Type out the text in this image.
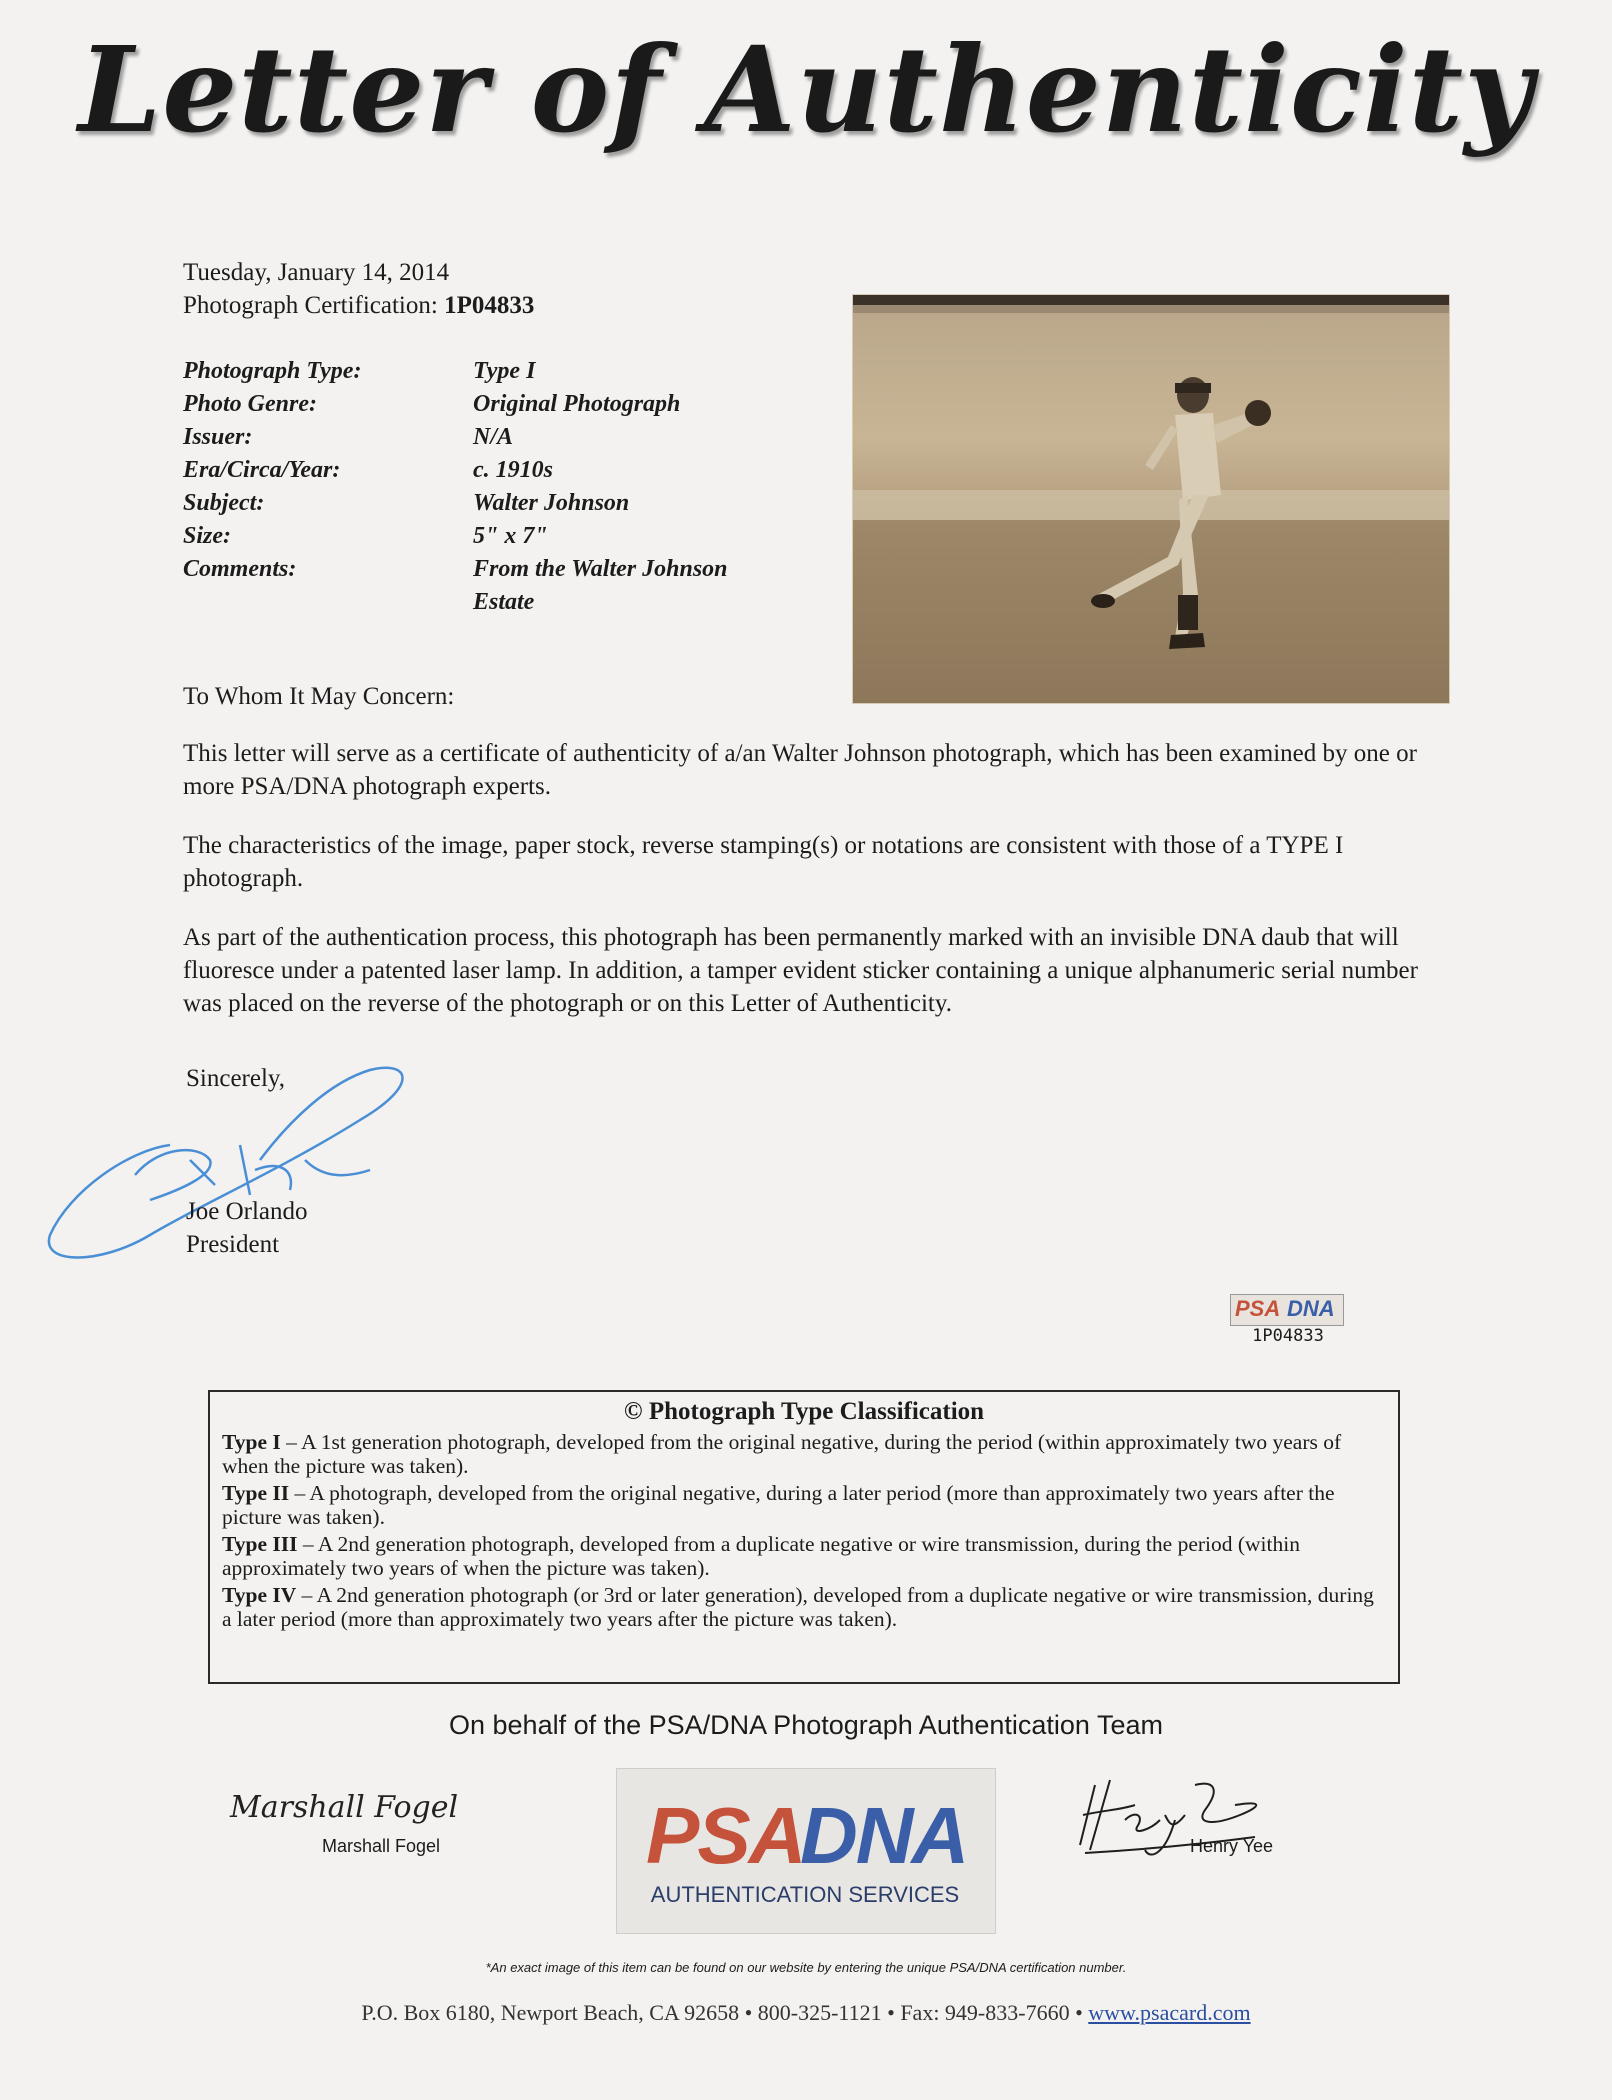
Letter of Authenticity
Tuesday, January 14, 2014
Photograph Certification: 1P04833
Photograph Type:	Type I
Photo Genre:	Original Photograph
Issuer:	N/A
Era/Circa/Year:	c. 1910s
Subject:	Walter Johnson
Size:	5" x 7"
Comments:	From the Walter Johnson Estate

To Whom It May Concern:

This letter will serve as a certificate of authenticity of a/an Walter Johnson photograph, which has been examined by one or more PSA/DNA photograph experts.

The characteristics of the image, paper stock, reverse stamping(s) or notations are consistent with those of a TYPE I photograph.

As part of the authentication process, this photograph has been permanently marked with an invisible DNA daub that will fluoresce under a patented laser lamp. In addition, a tamper evident sticker containing a unique alphanumeric serial number was placed on the reverse of the photograph or on this Letter of Authenticity.

Sincerely,
Joe Orlando
President
PSA DNA
1P04833
© Photograph Type Classification
Type I – A 1st generation photograph, developed from the original negative, during the period (within approximately two years of when the picture was taken).
Type II – A photograph, developed from the original negative, during a later period (more than approximately two years after the picture was taken).
Type III – A 2nd generation photograph, developed from a duplicate negative or wire transmission, during the period (within approximately two years of when the picture was taken).
Type IV – A 2nd generation photograph (or 3rd or later generation), developed from a duplicate negative or wire transmission, during a later period (more than approximately two years after the picture was taken).
On behalf of the PSA/DNA Photograph Authentication Team
Marshall Fogel
Marshall Fogel	PSA
DNA
AUTHENTICATION SERVICES
Henry Yee
*An exact image of this item can be found on our website by entering the unique PSA/DNA certification number.
P.O. Box 6180, Newport Beach, CA 92658 • 800-325-1121 • Fax: 949-833-7660 • www.psacard.com
